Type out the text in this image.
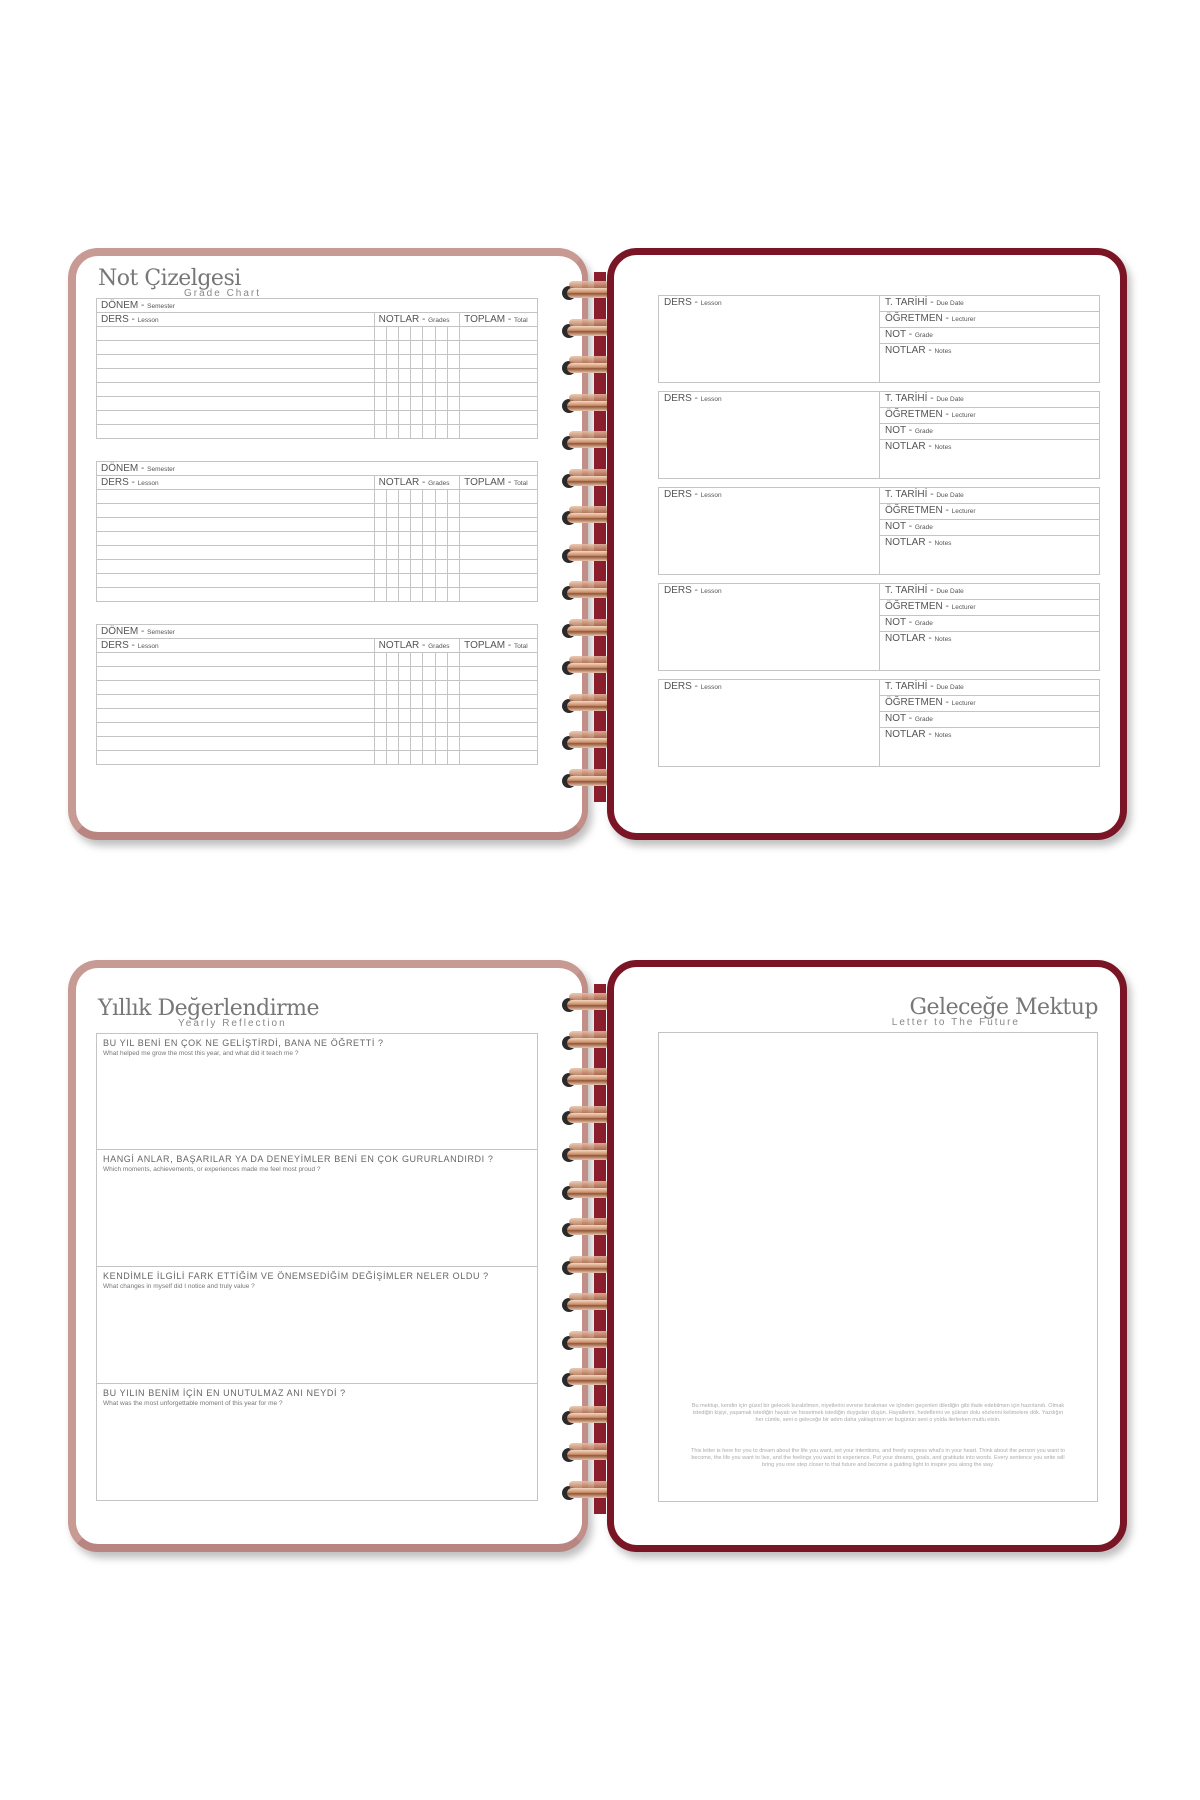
Not Çizelgesi
Grade Chart
DÖNEM - Semester								
DERS - Lesson	NOTLAR - Grades							TOPLAM - Total

DÖNEM - Semester								
DERS - Lesson	NOTLAR - Grades							TOPLAM - Total

DÖNEM - Semester								
DERS - Lesson	NOTLAR - Grades							TOPLAM - Total

DERS - Lesson	T. TARİHİ - Due Date
ÖĞRETMEN - Lecturer
NOT - Grade
NOTLAR - Notes
DERS - Lesson	T. TARİHİ - Due Date
ÖĞRETMEN - Lecturer
NOT - Grade
NOTLAR - Notes
DERS - Lesson	T. TARİHİ - Due Date
ÖĞRETMEN - Lecturer
NOT - Grade
NOTLAR - Notes
DERS - Lesson	T. TARİHİ - Due Date
ÖĞRETMEN - Lecturer
NOT - Grade
NOTLAR - Notes
DERS - Lesson	T. TARİHİ - Due Date
ÖĞRETMEN - Lecturer
NOT - Grade
NOTLAR - Notes
Yıllık Değerlendirme
Yearly Reflection
BU YIL BENİ EN ÇOK NE GELİŞTİRDİ, BANA NE ÖĞRETTİ ?
What helped me grow the most this year, and what did it teach me ?
HANGİ ANLAR, BAŞARILAR YA DA DENEYİMLER BENİ EN ÇOK GURURLANDIRDI ?
Which moments, achievements, or experiences made me feel most proud ?
KENDİMLE İLGİLİ FARK ETTİĞİM VE ÖNEMSEDİĞİM DEĞİŞİMLER NELER OLDU ?
What changes in myself did I notice and truly value ?
BU YILIN BENİM İÇİN EN UNUTULMAZ ANI NEYDİ ?
What was the most unforgettable moment of this year for me ?
Geleceğe Mektup
Letter to The Future

Bu mektup, kendin için güzel bir gelecek kurabilmen, niyetlerini evrene bırakman ve içinden geçenleri dilediğin gibi ifade edebilmen için hazırlandı. Olmak istediğin kişiyi, yaşamak istediğin hayatı ve hissetmek istediğin duyguları düşün. Hayallerini, hedeflerini ve şükran dolu sözlerini kelimelere dök. Yazdığın her cümle, seni o geleceğe bir adım daha yaklaştırsın ve bugünün seni o yolda ilerlerken mutlu etsin.

This letter is here for you to dream about the life you want, set your intentions, and freely express what's in your heart. Think about the person you want to become, the life you want to live, and the feelings you want to experience. Put your dreams, goals, and gratitude into words. Every sentence you write will bring you one step closer to that future and become a guiding light to inspire you along the way.
